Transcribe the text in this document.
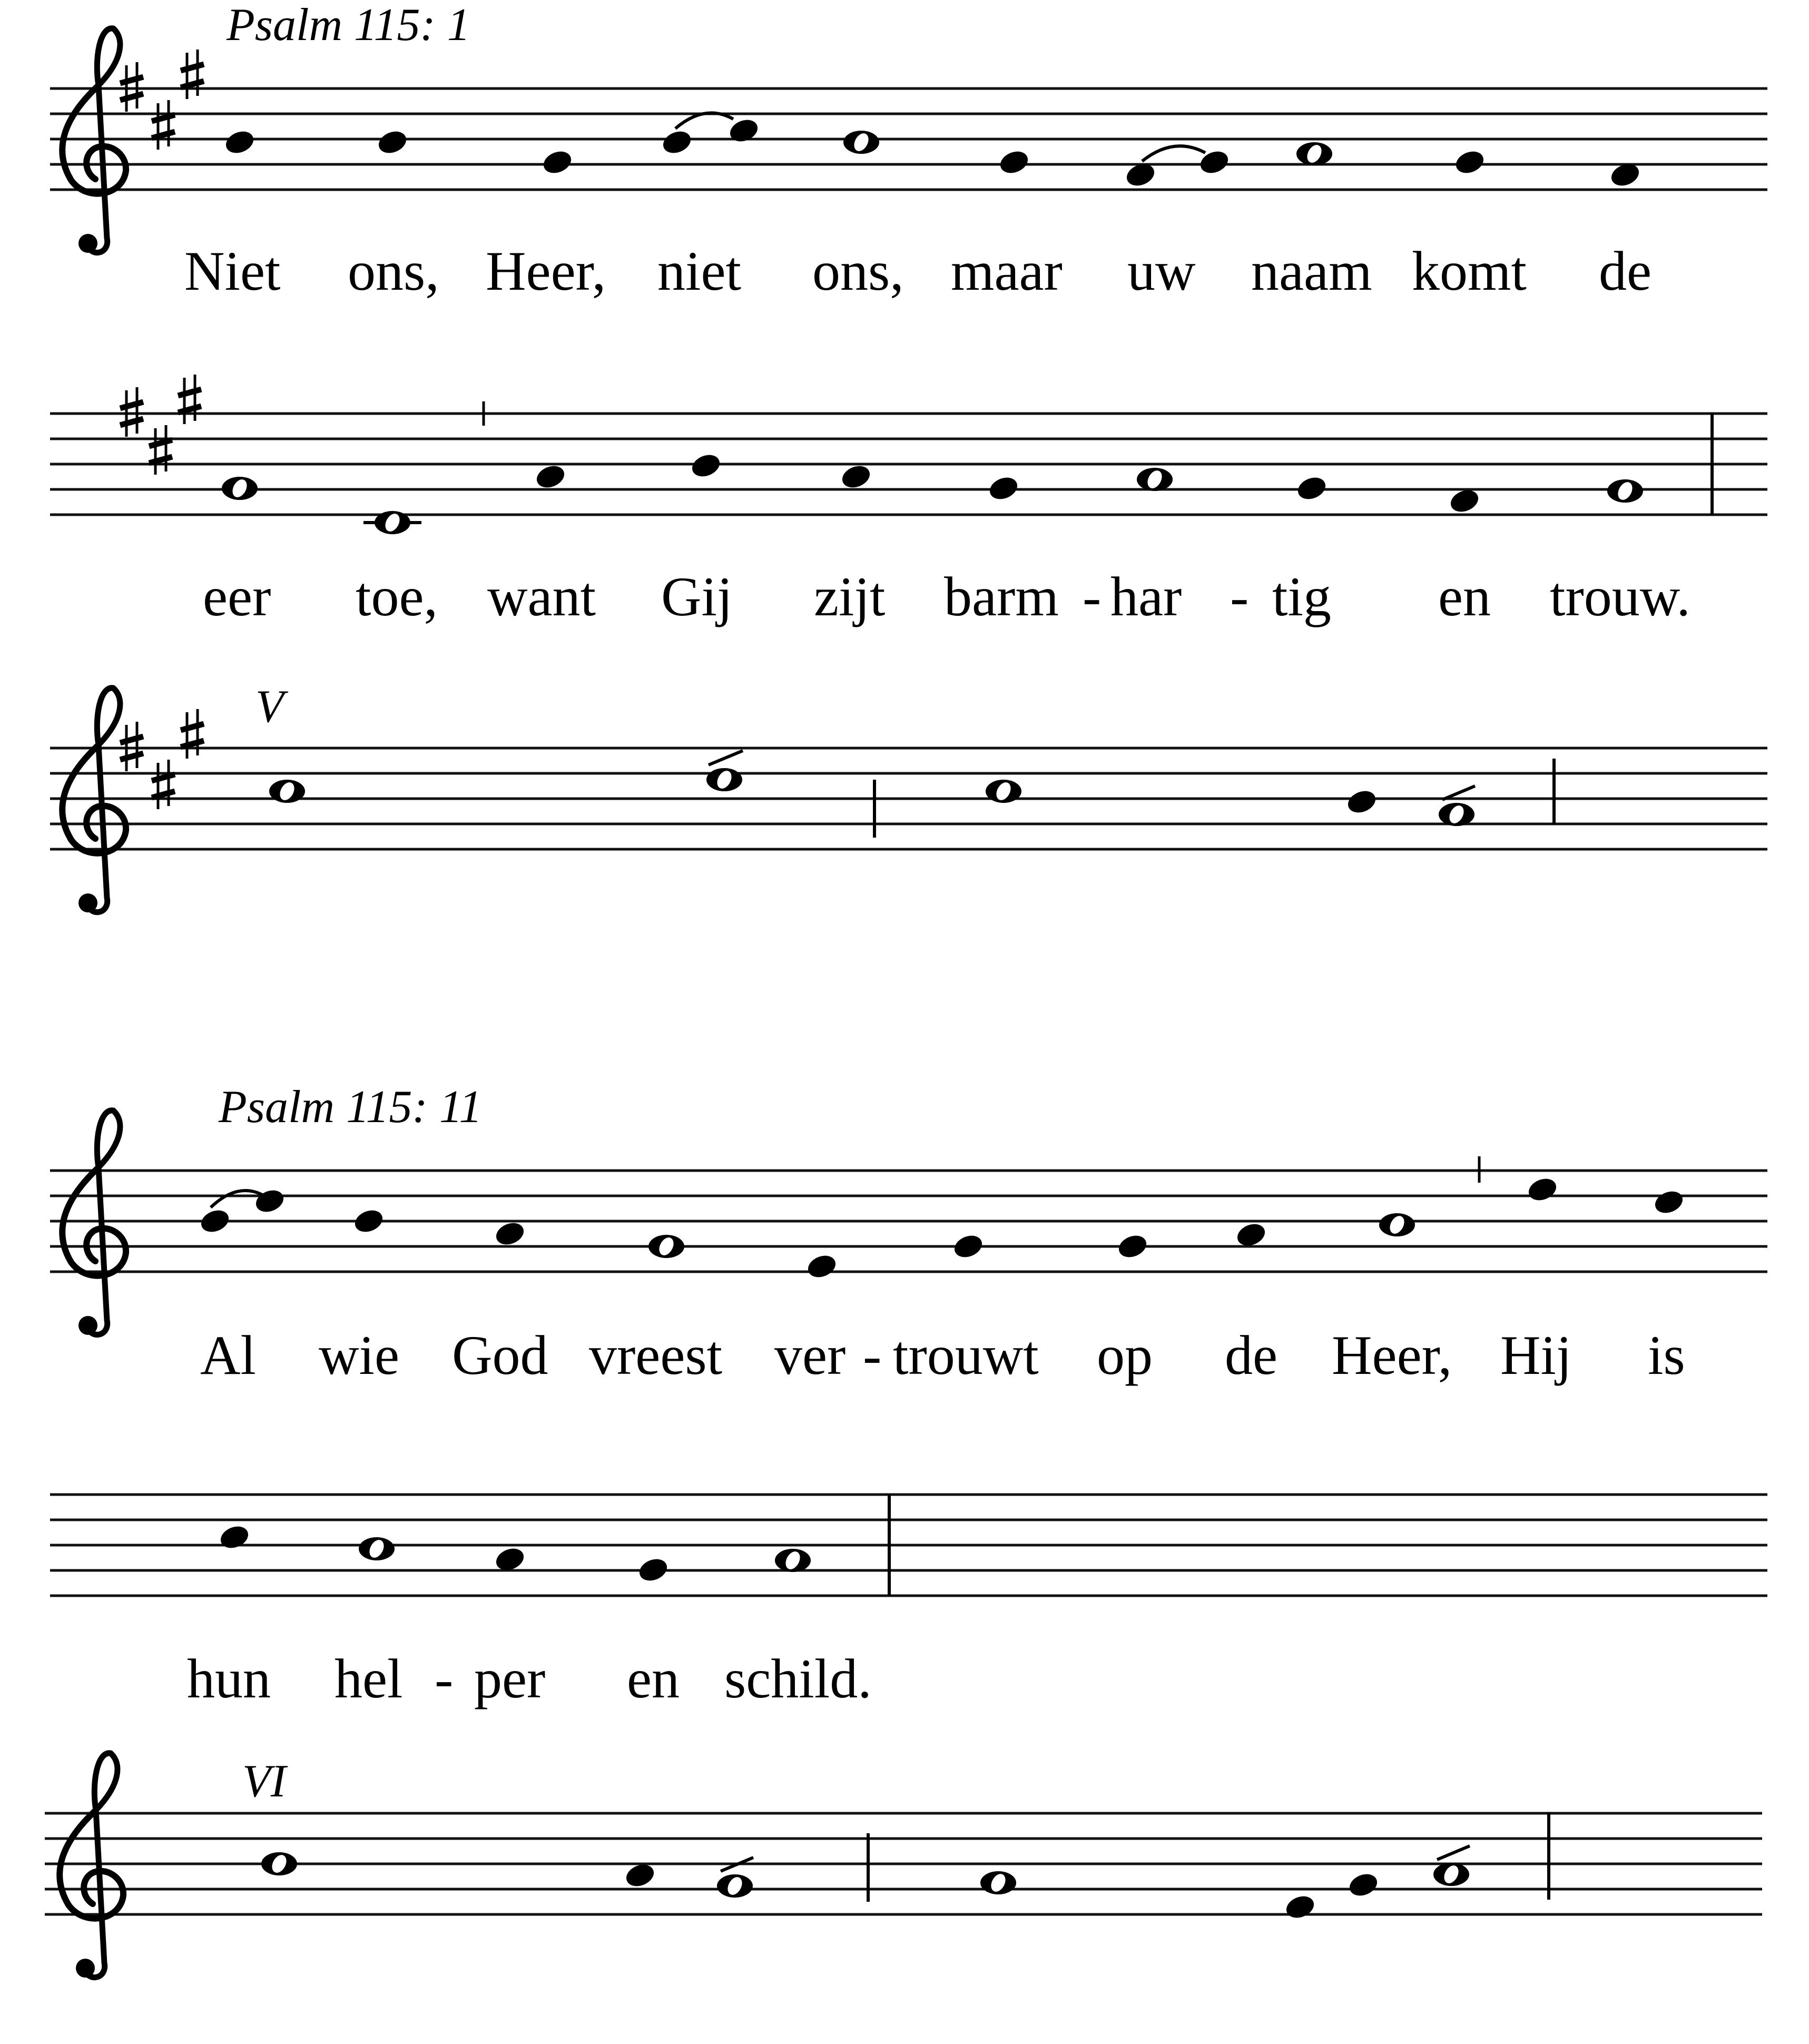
Psalm 115: 1
Niet ons, Heer, niet ons, maar uw naam komt de
eer toe, want Gij zijt barm - har - tig en trouw.
V
Psalm 115: 11
Al wie God vreest ver - trouwt op de Heer, Hij is
hun hel - per en schild.
VI
